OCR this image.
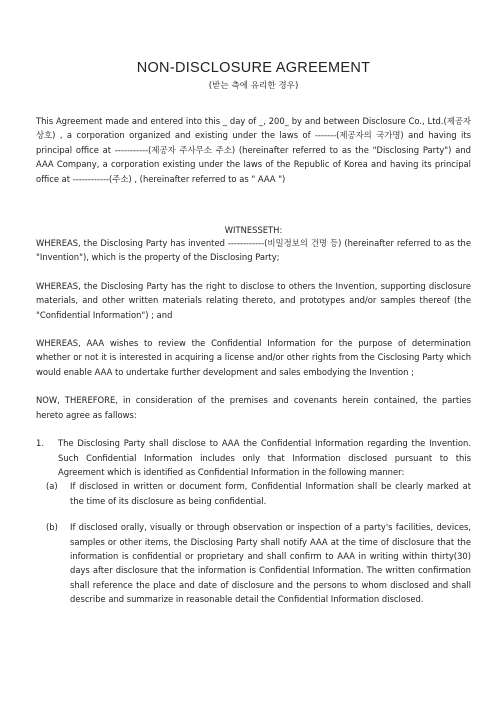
NON-DISCLOSURE AGREEMENT
(받는 측에 유리한 경우)

This Agreement made and entered into this _ day of _, 200_ by and between Disclosure Co., Ltd.(제공자 상호) , a corporation organized and existing under the laws of -------(제공자의 국가명) and having its principal office at -----------(제공자 주사무소 주소) (hereinafter referred to as the "Disclosing Party") and AAA Company, a corporation existing under the laws of the Republic of Korea and having its principal office at ------------(주소) , (hereinafter referred to as " AAA ")

WITNESSETH:

WHEREAS, the Disclosing Party has invented ------------(비밀정보의 건명 등) (hereinafter referred to as the "Invention"), which is the property of the Disclosing Party;

WHEREAS, the Disclosing Party has the right to disclose to others the Invention, supporting disclosure materials, and other written materials relating thereto, and prototypes and/or samples thereof (the "Confidential Information") ; and

WHEREAS, AAA wishes to review the Confidential Information for the purpose of determination whether or not it is interested in acquiring a license and/or other rights from the Cisclosing Party which would enable AAA to undertake further development and sales embodying the Invention ;

NOW, THEREFORE, in consideration of the premises and covenants herein contained, the parties hereto agree as fallows:

1.	The Disclosing Party shall disclose to AAA the Confidential Information regarding the Invention. Such Confidential Information includes only that Information disclosed pursuant to this Agreement which is identified as Confidential Information in the following manner:

(a)	If disclosed in written or document form, Confidential Information shall be clearly marked at the time of its disclosure as being confidential.

(b)	If disclosed orally, visually or through observation or inspection of a party's facilities, devices, samples or other items, the Disclosing Party shall notify AAA at the time of disclosure that the information is confidential or proprietary and shall confirm to AAA in writing within thirty(30) days after disclosure that the information is Confidential Information. The written confirmation shall reference the place and date of disclosure and the persons to whom disclosed and shall describe and summarize in reasonable detail the Confidential Information disclosed.
